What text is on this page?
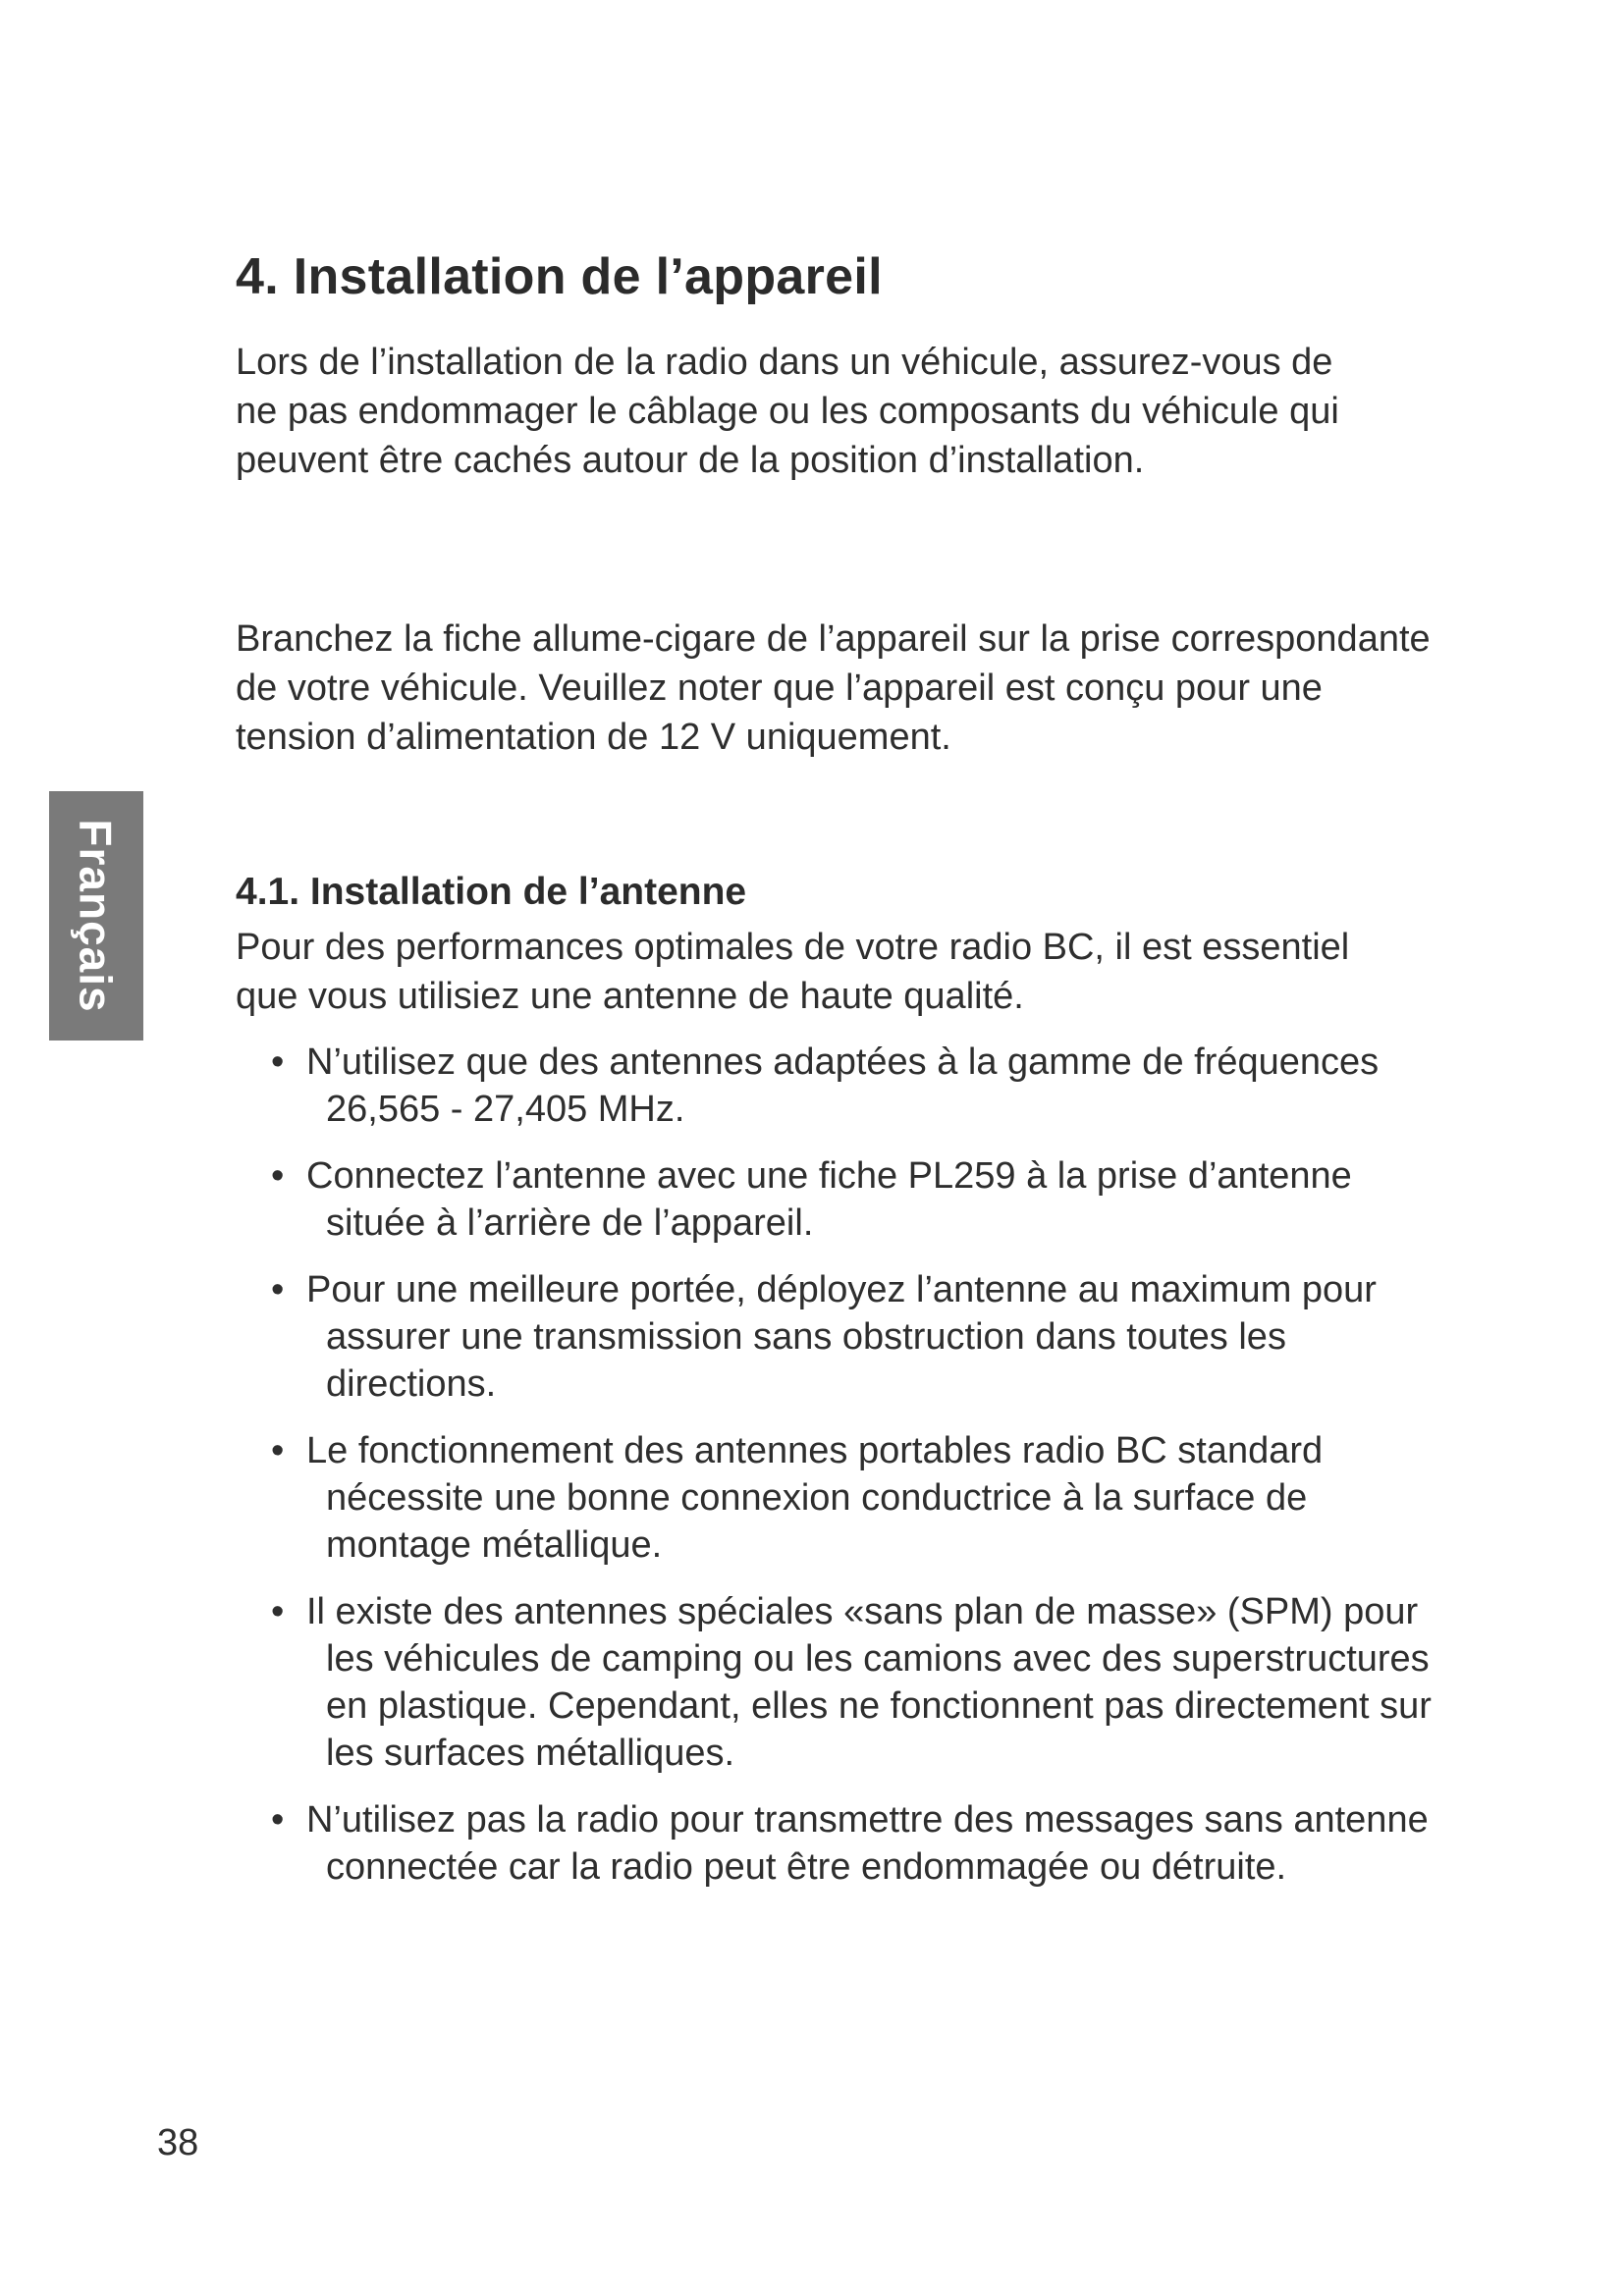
4. Installation de l’appareil

Lors de l’installation de la radio dans un véhicule, assurez-vous de ne pas endommager le câblage ou les composants du véhicule qui peuvent être cachés autour de la position d’installation.

Branchez la fiche allume-cigare de l’appareil sur la prise correspondante de votre véhicule. Veuillez noter que l’appareil est conçu pour une tension d’alimentation de 12 V uniquement.

Français	4.1. Installation de l’antenne

Pour des performances optimales de votre radio BC, il est essentiel que vous utilisiez une antenne de haute qualité.

• N’utilisez que des antennes adaptées à la gamme de fréquences 26,565 - 27,405 MHz.
• Connectez l’antenne avec une fiche PL259 à la prise d’antenne située à l’arrière de l’appareil.
• Pour une meilleure portée, déployez l’antenne au maximum pour assurer une transmission sans obstruction dans toutes les directions.
• Le fonctionnement des antennes portables radio BC standard nécessite une bonne connexion conductrice à la surface de montage métallique.
• Il existe des antennes spéciales «sans plan de masse» (SPM) pour les véhicules de camping ou les camions avec des superstructures en plastique. Cependant, elles ne fonctionnent pas directement sur les surfaces métalliques.
• N’utilisez pas la radio pour transmettre des messages sans antenne connectée car la radio peut être endommagée ou détruite.
38
